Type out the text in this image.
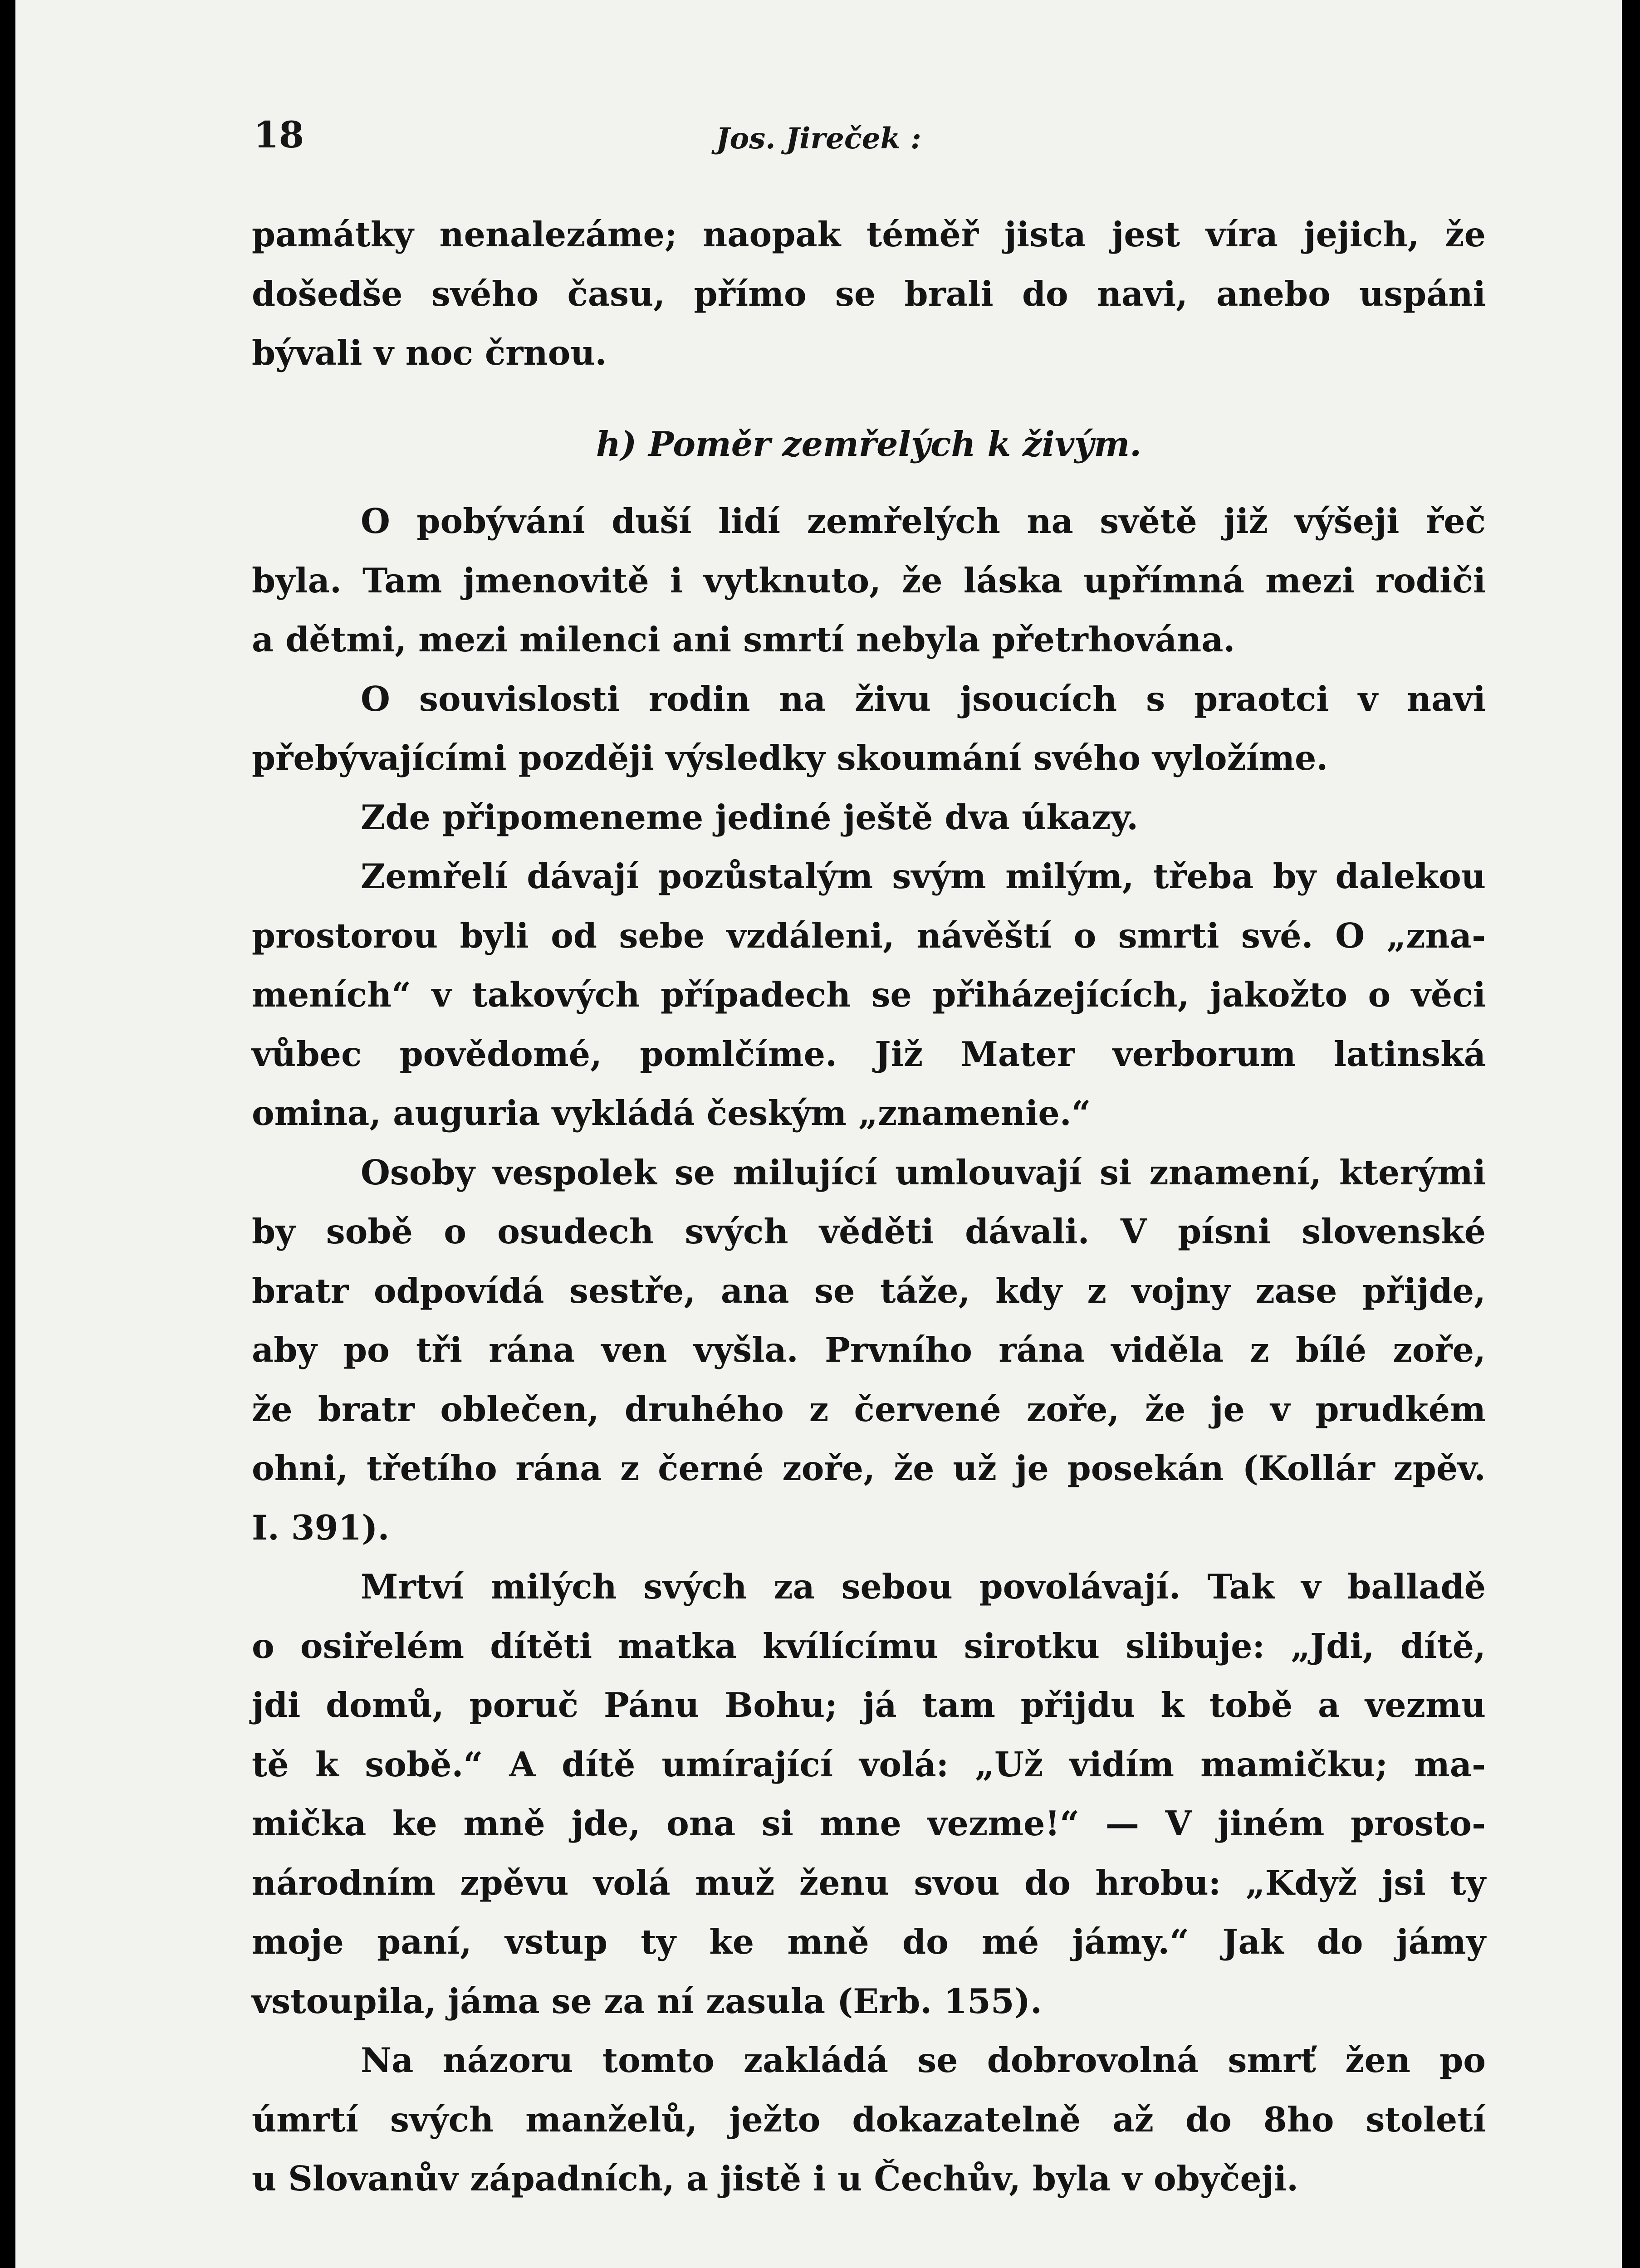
18	Jos. Jireček :

památky nenalezáme; naopak téměř jista jest víra jejich, že

došedše svého času, přímo se brali do navi, anebo uspáni

bývali v noc črnou.

h) Poměr zemřelých k živým.

O pobývání duší lidí zemřelých na světě již výšeji řeč

byla. Tam jmenovitě i vytknuto, že láska upřímná mezi rodiči

a dětmi, mezi milenci ani smrtí nebyla přetrhována.

O souvislosti rodin na živu jsoucích s praotci v navi

přebývajícími později výsledky skoumání svého vyložíme.

Zde připomeneme jediné ještě dva úkazy.

Zemřelí dávají pozůstalým svým milým, třeba by dalekou

prostorou byli od sebe vzdáleni, návěští o smrti své. O „zna-

meních“ v takových případech se přiházejících, jakožto o věci

vůbec povědomé, pomlčíme. Již Mater verborum latinská

omina, auguria vykládá českým „znamenie.“

Osoby vespolek se milující umlouvají si znamení, kterými

by sobě o osudech svých věděti dávali. V písni slovenské

bratr odpovídá sestře, ana se táže, kdy z vojny zase přijde,

aby po tři rána ven vyšla. Prvního rána viděla z bílé zoře,

že bratr oblečen, druhého z červené zoře, že je v prudkém

ohni, třetího rána z černé zoře, že už je posekán (Kollár zpěv.

I. 391).

Mrtví milých svých za sebou povolávají. Tak v balladě

o osiřelém dítěti matka kvílícímu sirotku slibuje: „Jdi, dítě,

jdi domů, poruč Pánu Bohu; já tam přijdu k tobě a vezmu

tě k sobě.“ A dítě umírající volá: „Už vidím mamičku; ma-

mička ke mně jde, ona si mne vezme!“ — V jiném prosto-

národním zpěvu volá muž ženu svou do hrobu: „Když jsi ty

moje paní, vstup ty ke mně do mé jámy.“ Jak do jámy

vstoupila, jáma se za ní zasula (Erb. 155).

Na názoru tomto zakládá se dobrovolná smrť žen po

úmrtí svých manželů, ježto dokazatelně až do 8ho století

u Slovanův západních, a jistě i u Čechův, byla v obyčeji.
